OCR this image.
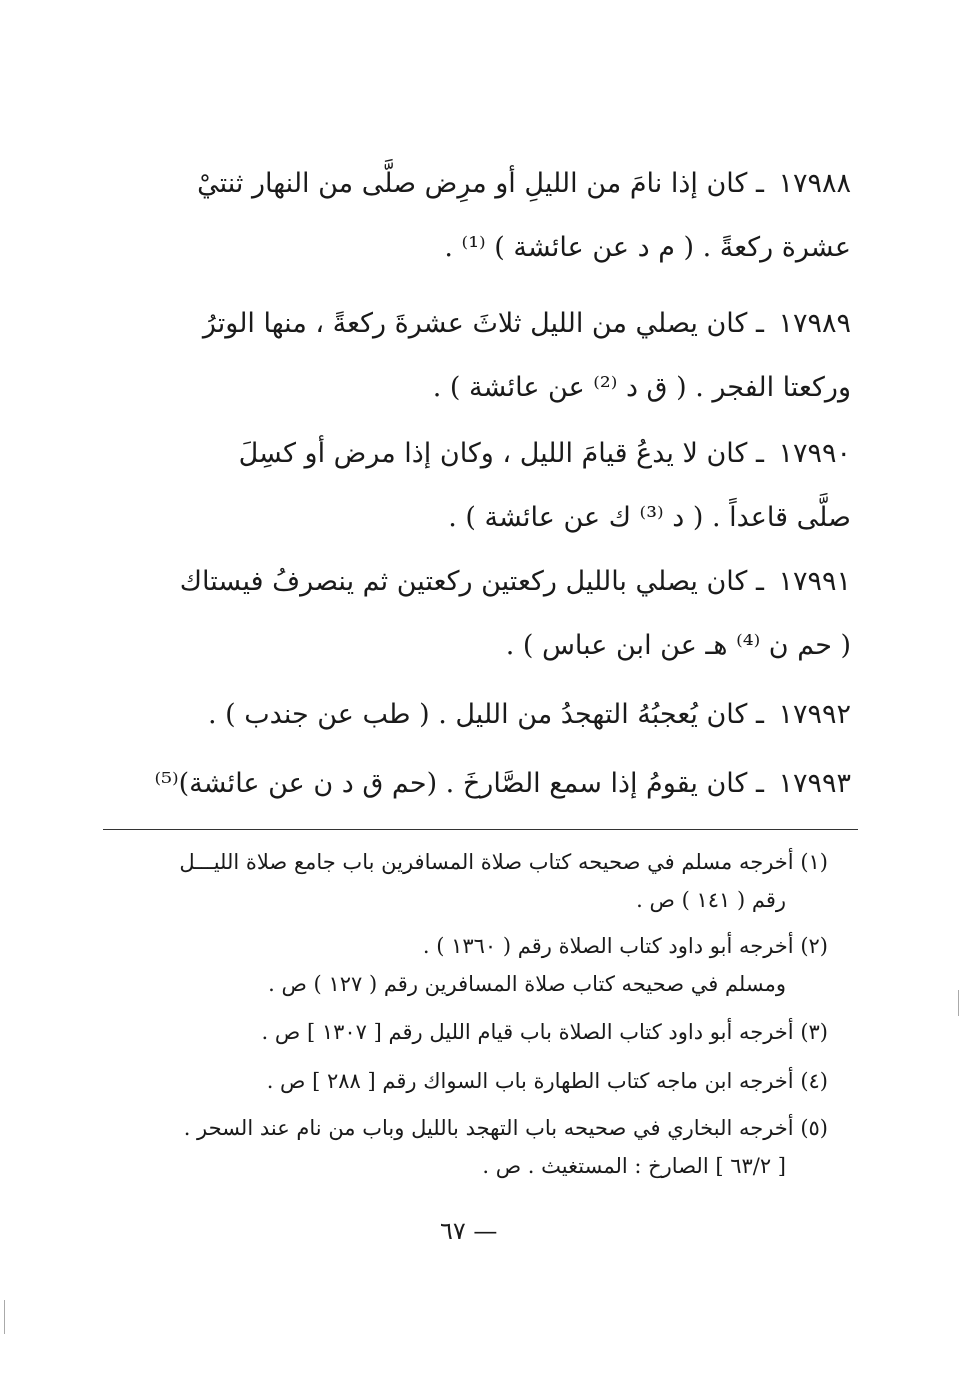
١٧٩٨٨ ـ كان إذا نامَ من الليلِ أو مرِض صلَّى من النهار ثنتيْ
عشرة ركعةً . ( م د عن عائشة ) ⁽¹⁾ .
١٧٩٨٩ ـ كان يصلي من الليل ثلاثَ عشرةَ ركعةً ، منها الوترُ
وركعتا الفجر . ( ق د ⁽²⁾ عن عائشة ) .
١٧٩٩٠ ـ كان لا يدعُ قيامَ الليل ، وكان إذا مرض أو كسِلَ
صلَّى قاعداً . ( د ⁽³⁾ ك عن عائشة ) .
١٧٩٩١ ـ كان يصلي بالليل ركعتين ركعتين ثم ينصرفُ فيستاك
( حم ن ⁽⁴⁾ هـ عن ابن عباس ) .
١٧٩٩٢ ـ كان يُعجبُهُ التهجدُ من الليل . ( طب عن جندب ) .
١٧٩٩٣ ـ كان يقومُ إذا سمع الصَّارخَ . (حم ق د ن عن عائشة)⁽⁵⁾
(١) أخرجه مسلم في صحيحه كتاب صلاة المسافرين باب جامع صلاة الليـــل
رقم ( ١٤١ ) ص .
(٢) أخرجه أبو داود كتاب الصلاة رقم ( ١٣٦٠ ) .
ومسلم في صحيحه كتاب صلاة المسافرين رقم ( ١٢٧ ) ص .
(٣) أخرجه أبو داود كتاب الصلاة باب قيام الليل رقم [ ١٣٠٧ ] ص .
(٤) أخرجه ابن ماجه كتاب الطهارة باب السواك رقم [ ٢٨٨ ] ص .
(٥) أخرجه البخاري في صحيحه باب التهجد بالليل وباب من نام عند السحر .
[ ٦٣/٢ ] الصارخ : المستغيث . ص .
— ٦٧
